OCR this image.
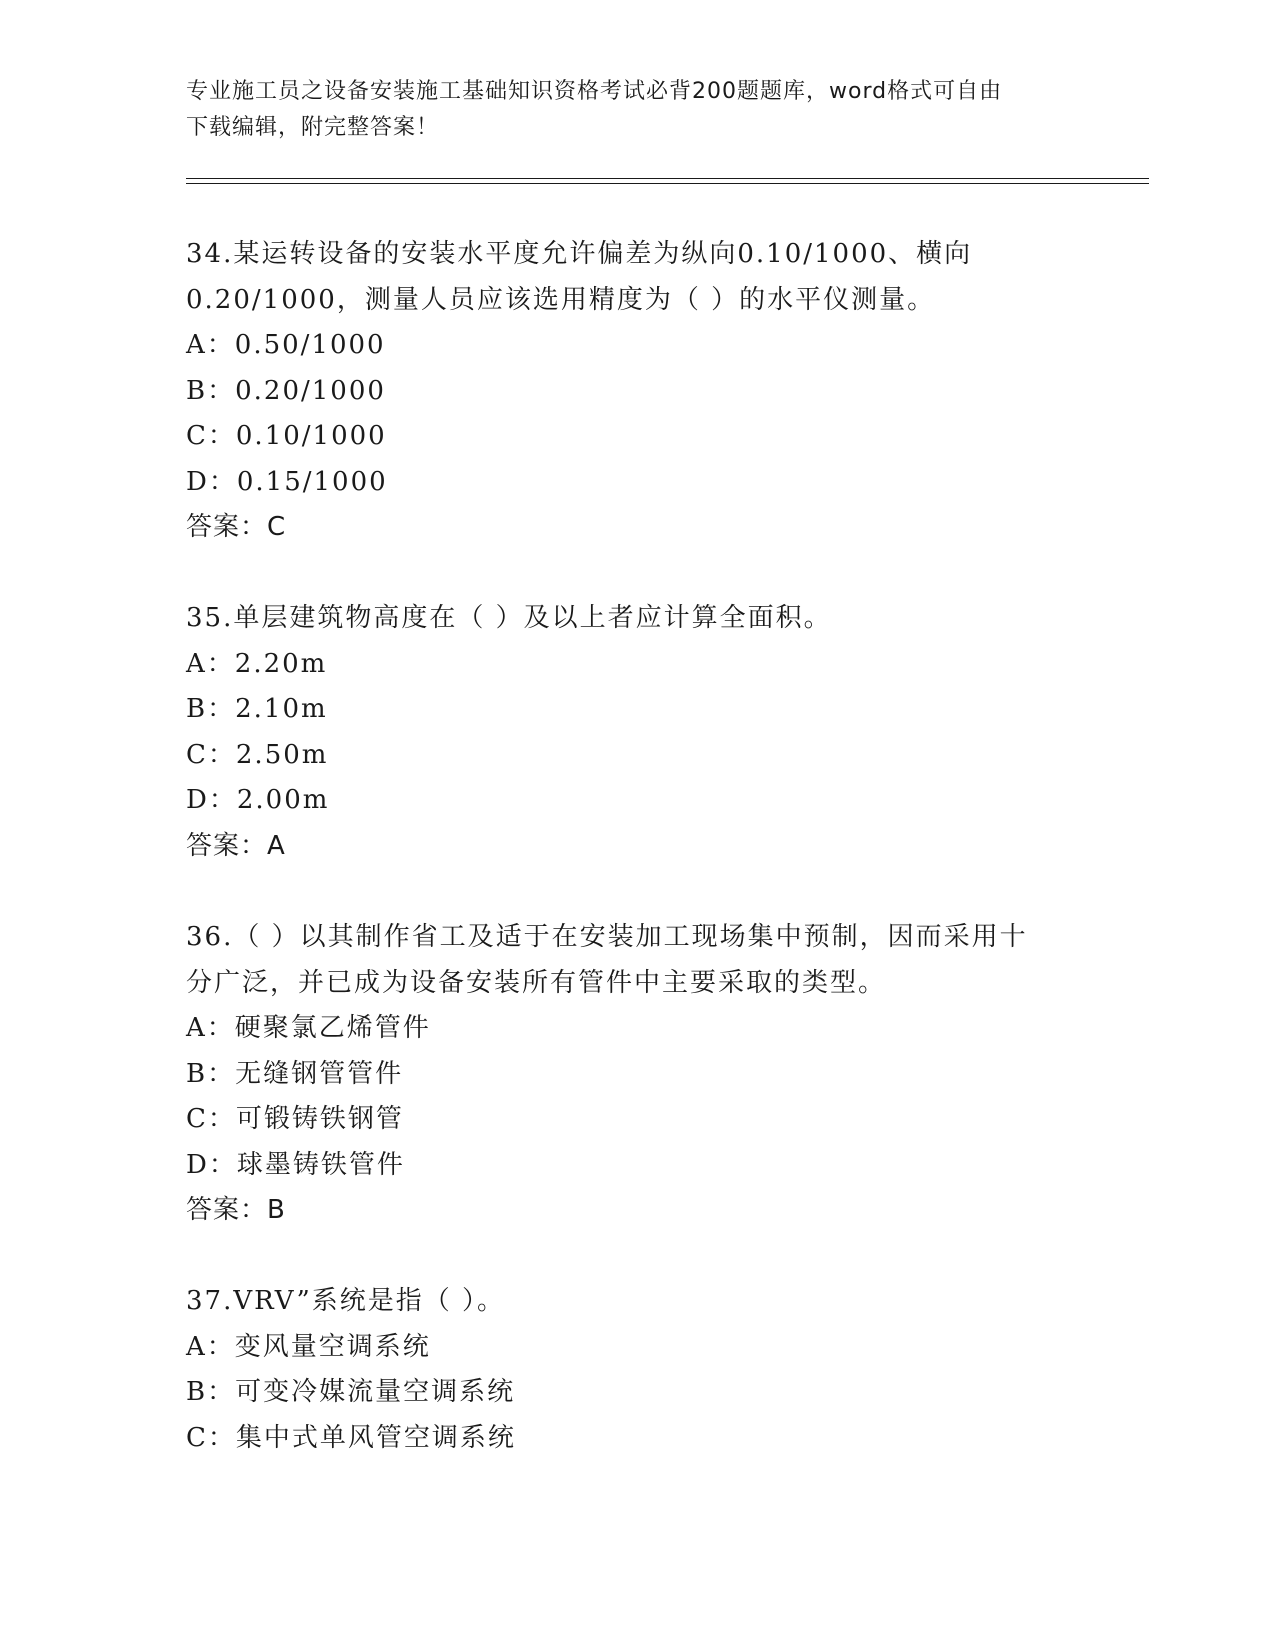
专业施工员之设备安装施工基础知识资格考试必背200题题库，word格式可自由
下载编辑，附完整答案！
34.某运转设备的安装水平度允许偏差为纵向0.10/1000、横向
0.20/1000，测量人员应该选用精度为（ ）的水平仪测量。
A：0.50/1000
B：0.20/1000
C：0.10/1000
D：0.15/1000
答案：C
35.单层建筑物高度在（ ）及以上者应计算全面积。
A：2.20m
B：2.10m
C：2.50m
D：2.00m
答案：A
36.（ ）以其制作省工及适于在安装加工现场集中预制，因而采用十
分广泛，并已成为设备安装所有管件中主要采取的类型。
A：硬聚氯乙烯管件
B：无缝钢管管件
C：可锻铸铁钢管
D：球墨铸铁管件
答案：B
37.VRV”系统是指（ ）。
A：变风量空调系统
B：可变冷媒流量空调系统
C：集中式单风管空调系统
